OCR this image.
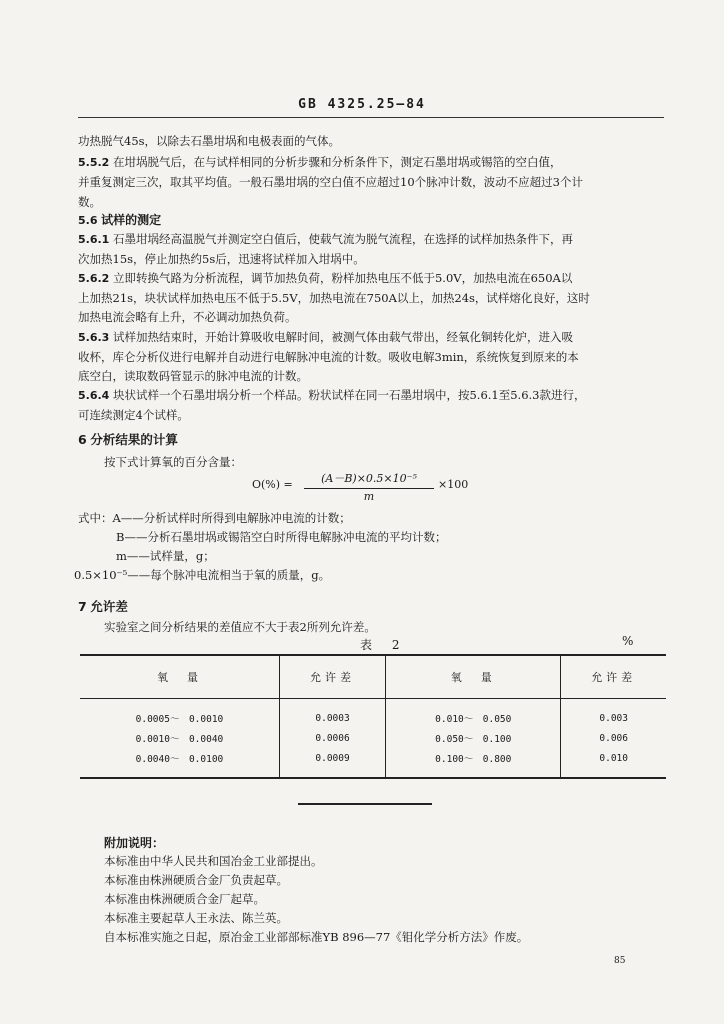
GB 4325.25—84
功热脱气45s，以除去石墨坩埚和电极表面的气体。
5.5.2 在坩埚脱气后，在与试样相同的分析步骤和分析条件下，测定石墨坩埚或锡箔的空白值，
并重复测定三次，取其平均值。一般石墨坩埚的空白值不应超过10个脉冲计数，波动不应超过3个计
数。
5.6 试样的测定
5.6.1 石墨坩埚经高温脱气并测定空白值后，使载气流为脱气流程，在选择的试样加热条件下，再
次加热15s，停止加热约5s后，迅速将试样加入坩埚中。
5.6.2 立即转换气路为分析流程，调节加热负荷，粉样加热电压不低于5.0V，加热电流在650A以
上加热21s，块状试样加热电压不低于5.5V，加热电流在750A以上，加热24s，试样熔化良好，这时
加热电流会略有上升，不必调动加热负荷。
5.6.3 试样加热结束时，开始计算吸收电解时间，被测气体由载气带出，经氧化铜转化炉，进入吸
收杯，库仑分析仪进行电解并自动进行电解脉冲电流的计数。吸收电解3min，系统恢复到原来的本
底空白，读取数码管显示的脉冲电流的计数。
5.6.4 块状试样一个石墨坩埚分析一个样品。粉状试样在同一石墨坩埚中，按5.6.1至5.6.3款进行，
可连续测定4个试样。
6 分析结果的计算
按下式计算氧的百分含量：
$O(\%) = \frac{\text{(A－B)×0.5×10⁻⁵}}{m} \times 100$
式中：A——分析试样时所得到电解脉冲电流的计数；
B——分析石墨坩埚或锡箔空白时所得电解脉冲电流的平均计数；
m——试样量，g；
0.5×10⁻⁵——每个脉冲电流相当于氧的质量，g。
7 允许差
实验室之间分析结果的差值应不大于表2所列允许差。
表 2	%
氧　量	允许差	氧　量	允许差
0.0005～　0.0010	0.0003	0.010～　0.050	0.003
0.0010～　0.0040	0.0006	0.050～　0.100	0.006
0.0040～　0.0100	0.0009	0.100～　0.800	0.010
附加说明：
本标准由中华人民共和国冶金工业部提出。
本标准由株洲硬质合金厂负责起草。
本标准由株洲硬质合金厂起草。
本标准主要起草人王永法、陈兰英。
自本标准实施之日起，原冶金工业部部标准YB 896—77《钼化学分析方法》作废。
85
